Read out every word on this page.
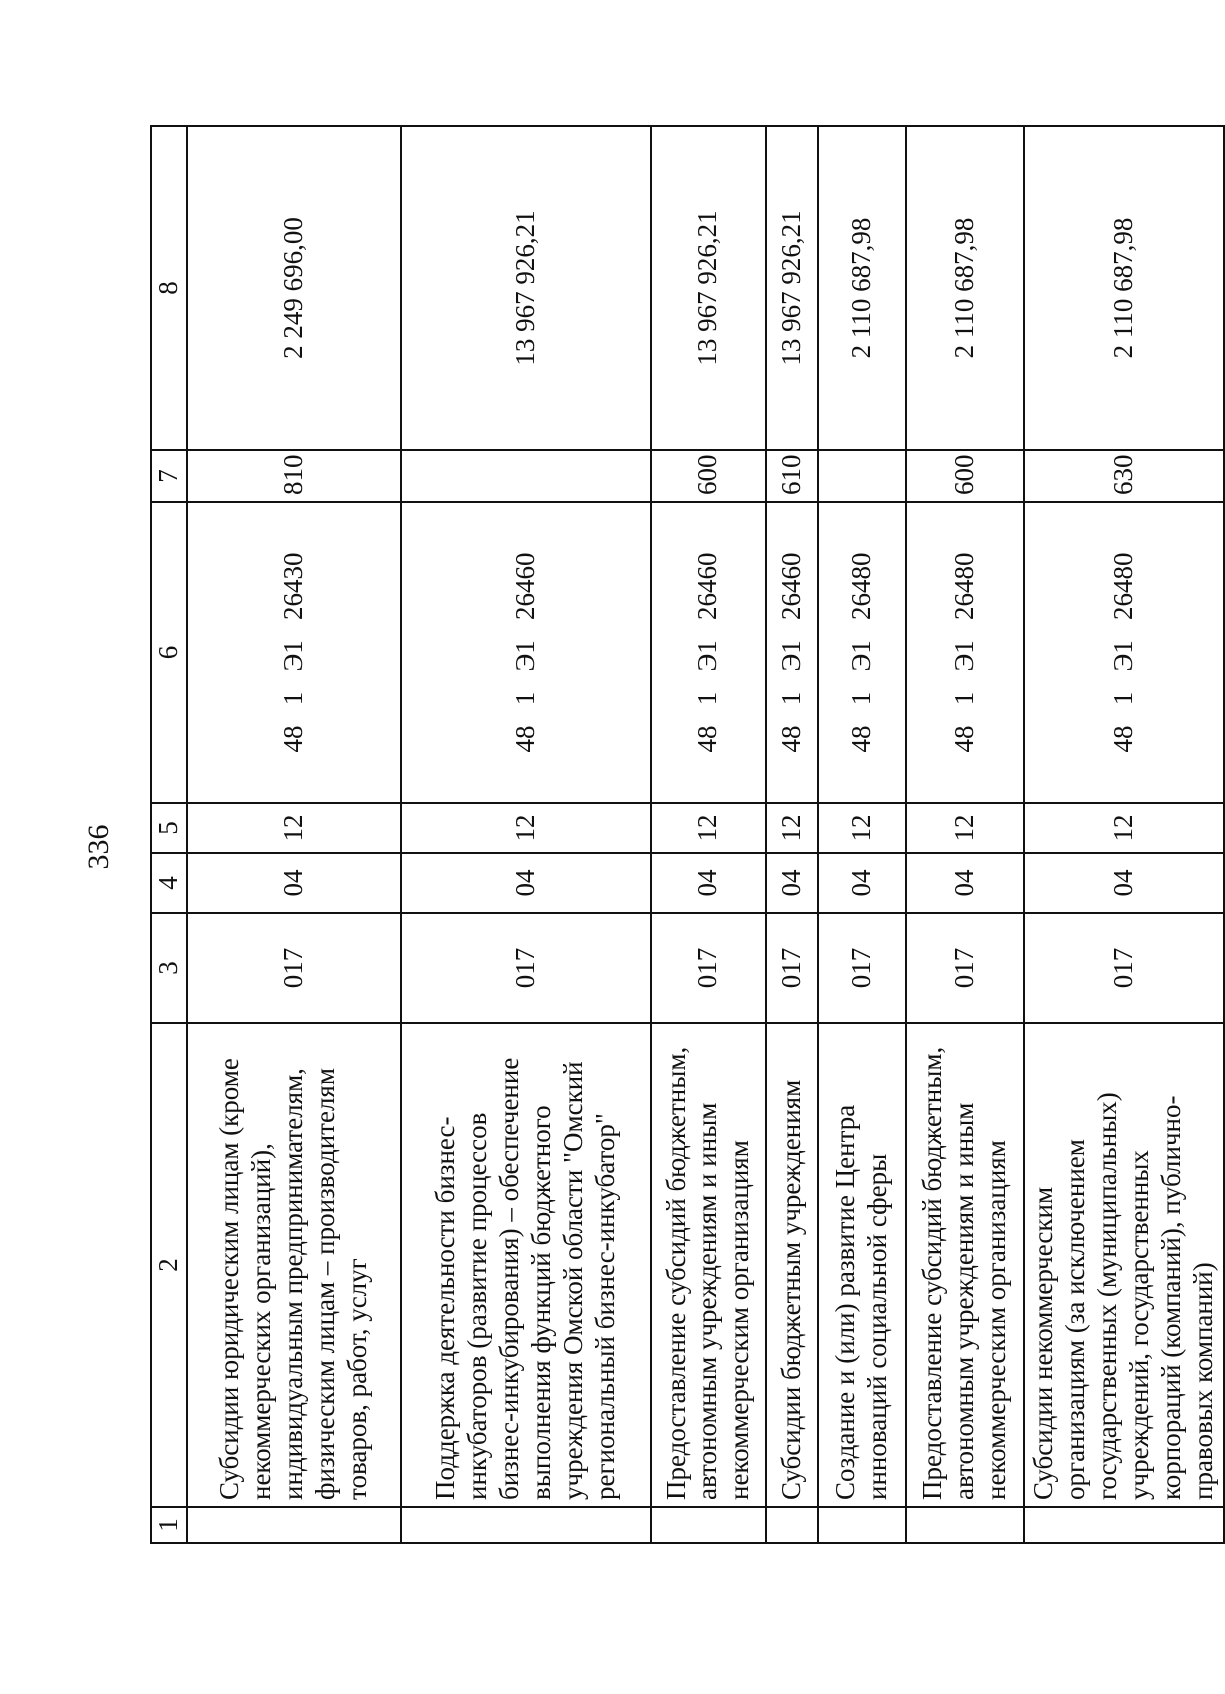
336
1	2	3	4	5	6	7	8
	Субсидии юридическим лицам (кроме некоммерческих организаций), индивидуальным предпринимателям, физическим лицам – производителям товаров, работ, услуг	017	04	12	48   1   Э1   26430	810	2 249 696,00
	Поддержка деятельности бизнес-инкубаторов (развитие процессов бизнес-инкубирования) – обеспечение выполнения функций бюджетного учреждения Омской области "Омский региональный бизнес-инкубатор"	017	04	12	48   1   Э1   26460		13 967 926,21
	Предоставление субсидий бюджетным, автономным учреждениям и иным некоммерческим организациям	017	04	12	48   1   Э1   26460	600	13 967 926,21
	Субсидии бюджетным учреждениям	017	04	12	48   1   Э1   26460	610	13 967 926,21
	Создание и (или) развитие Центра инноваций социальной сферы	017	04	12	48   1   Э1   26480		2 110 687,98
	Предоставление субсидий бюджетным, автономным учреждениям и иным некоммерческим организациям	017	04	12	48   1   Э1   26480	600	2 110 687,98
	Субсидии некоммерческим организациям (за исключением государственных (муниципальных) учреждений, государственных корпораций (компаний), публично-правовых компаний)	017	04	12	48   1   Э1   26480	630	2 110 687,98
